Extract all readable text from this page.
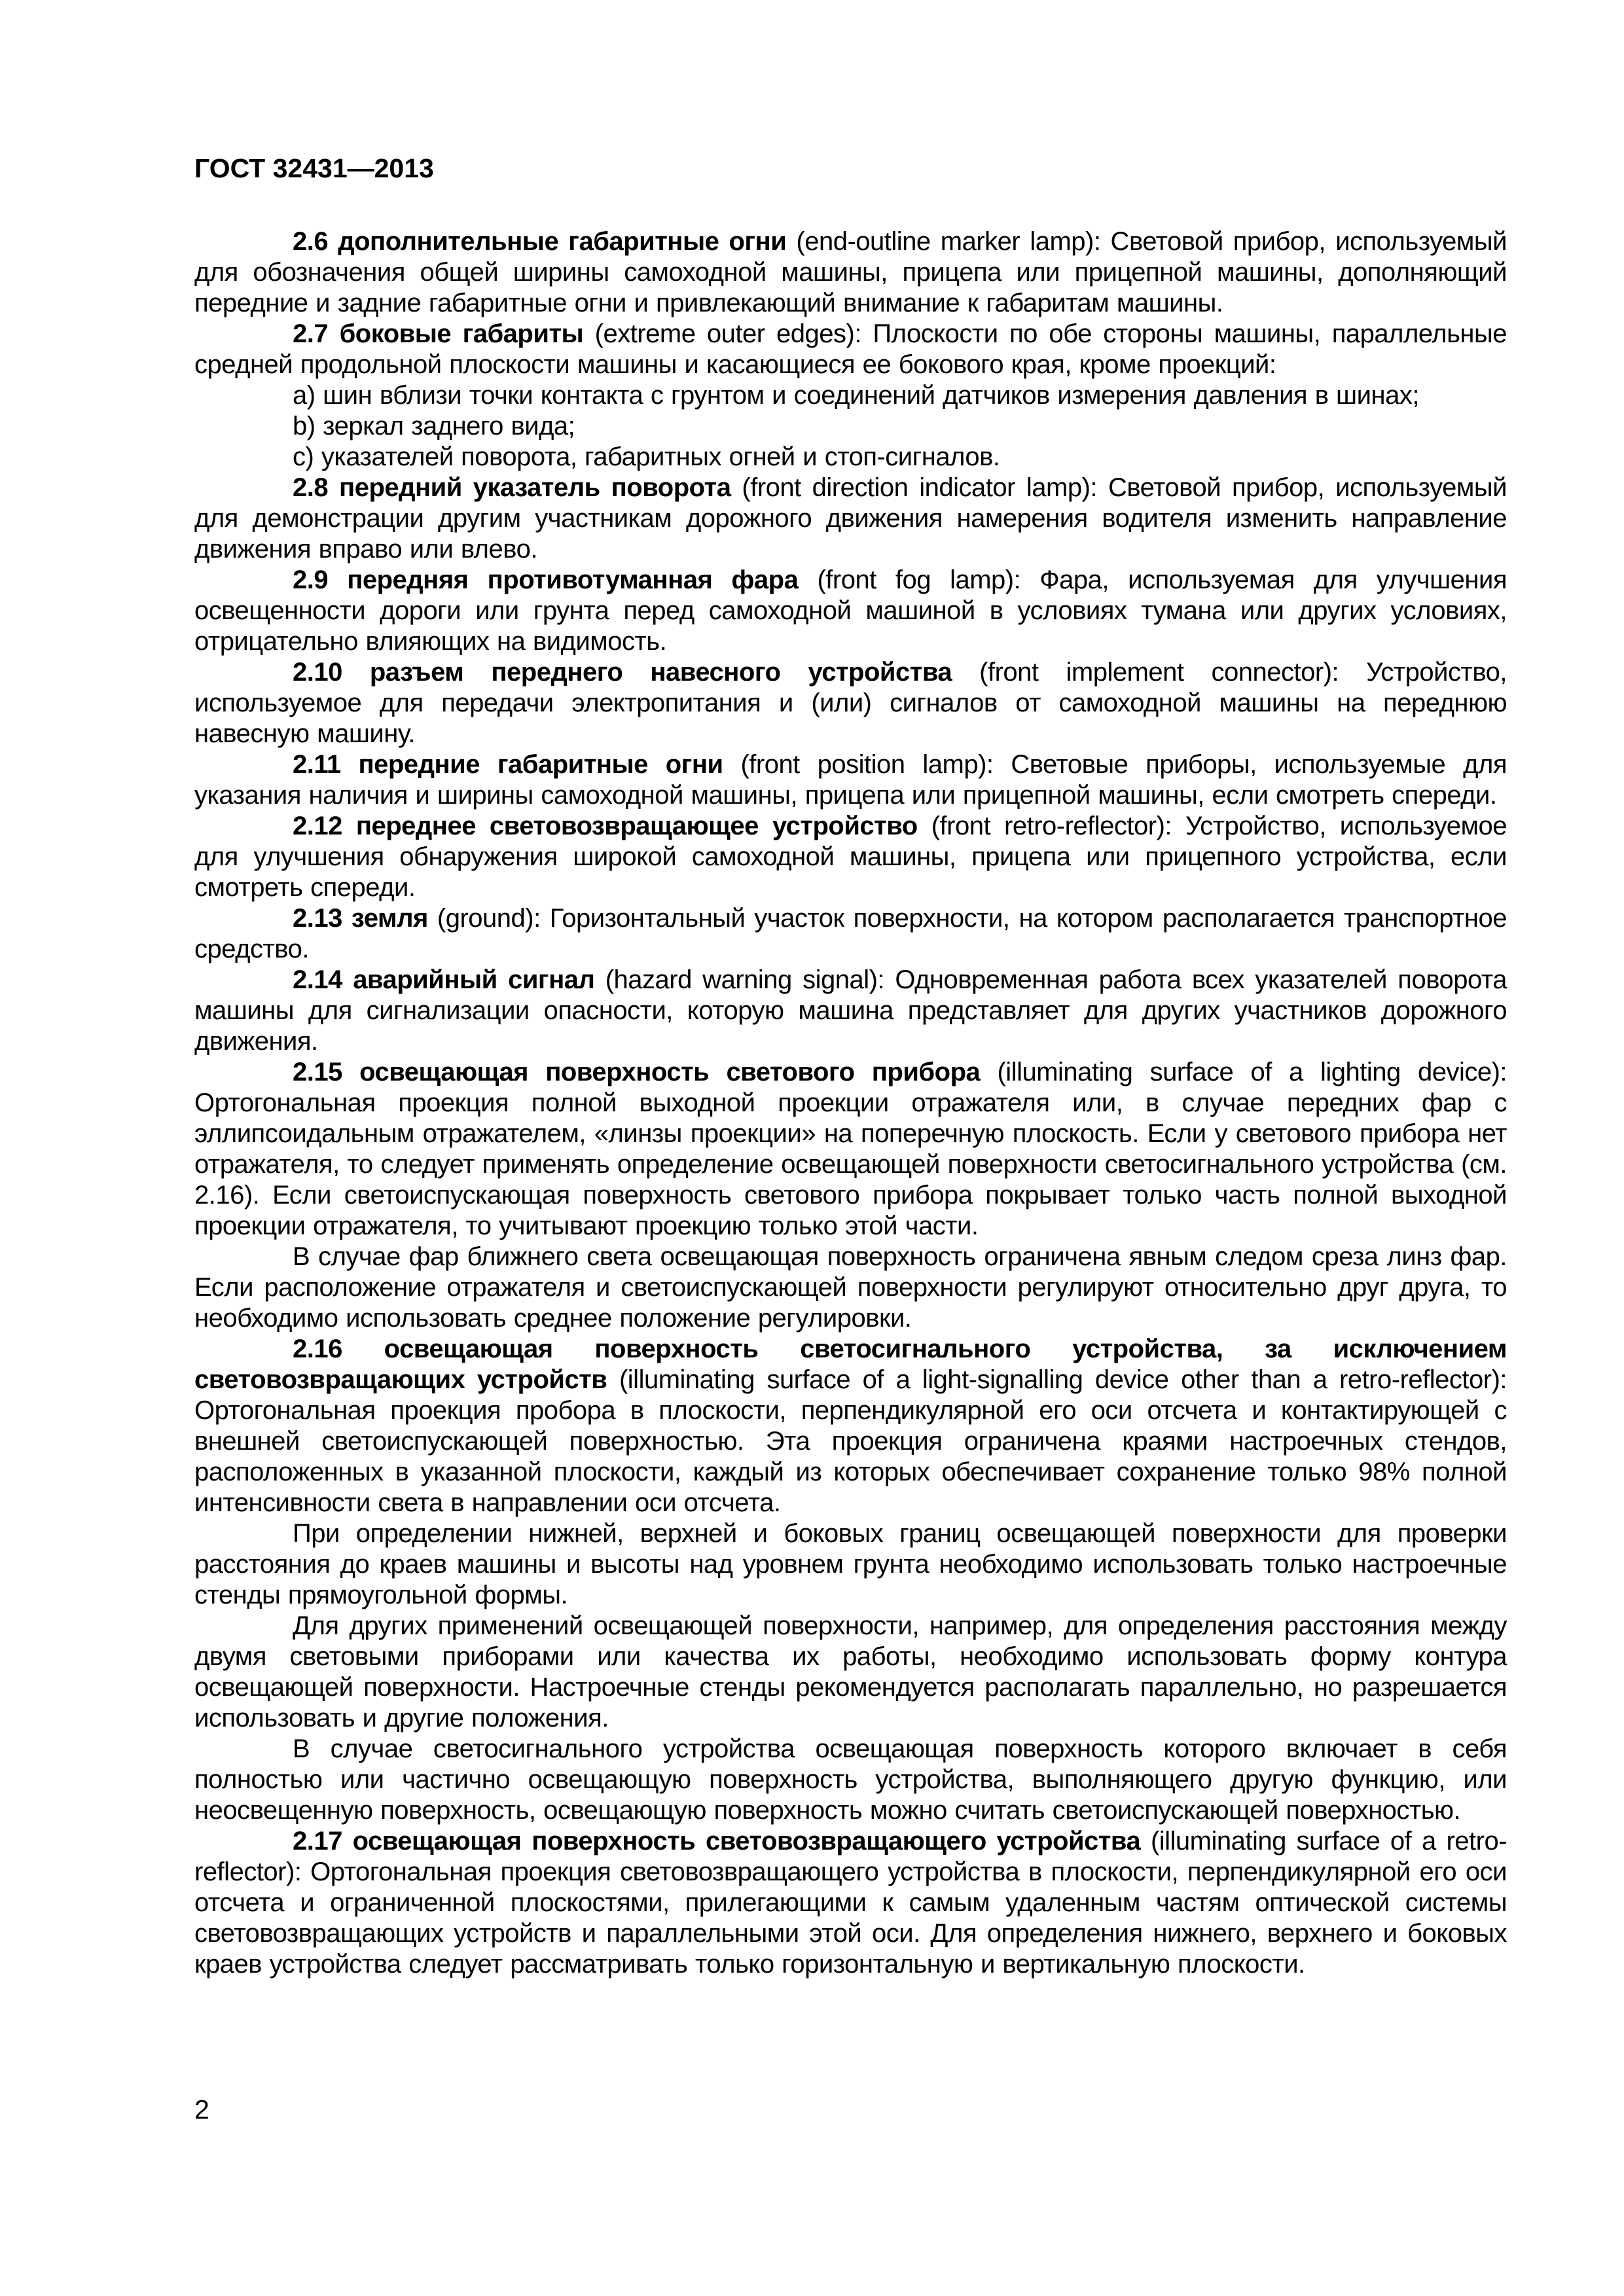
ГОСТ 32431—2013

2.6 дополнительные габаритные огни (end-outline marker lamp): Световой прибор, используемый для обозначения общей ширины самоходной машины, прицепа или прицепной машины, дополняющий передние и задние габаритные огни и привлекающий внимание к габаритам машины.

2.7 боковые габариты (extreme outer edges): Плоскости по обе стороны машины, параллельные средней продольной плоскости машины и касающиеся ее бокового края, кроме проекций:

a) шин вблизи точки контакта с грунтом и соединений датчиков измерения давления в шинах;

b) зеркал заднего вида;

c) указателей поворота, габаритных огней и стоп-сигналов.

2.8 передний указатель поворота (front direction indicator lamp): Световой прибор, используемый для демонстрации другим участникам дорожного движения намерения водителя изменить направление движения вправо или влево.

2.9 передняя противотуманная фара (front fog lamp): Фара, используемая для улучшения освещенности дороги или грунта перед самоходной машиной в условиях тумана или других условиях, отрицательно влияющих на видимость.

2.10 разъем переднего навесного устройства (front implement connector): Устройство, используемое для передачи электропитания и (или) сигналов от самоходной машины на переднюю навесную машину.

2.11 передние габаритные огни (front position lamp): Световые приборы, используемые для указания наличия и ширины самоходной машины, прицепа или прицепной машины, если смотреть спереди.

2.12 переднее световозвращающее устройство (front retro-reflector): Устройство, используемое для улучшения обнаружения широкой самоходной машины, прицепа или прицепного устройства, если смотреть спереди.

2.13 земля (ground): Горизонтальный участок поверхности, на котором располагается транспортное средство.

2.14 аварийный сигнал (hazard warning signal): Одновременная работа всех указателей поворота машины для сигнализации опасности, которую машина представляет для других участников дорожного движения.

2.15 освещающая поверхность светового прибора (illuminating surface of a lighting device): Ортогональная проекция полной выходной проекции отражателя или, в случае передних фар с эллипсоидальным отражателем, «линзы проекции» на поперечную плоскость. Если у светового прибора нет отражателя, то следует применять определение освещающей поверхности светосигнального устройства (см. 2.16). Если светоиспускающая поверхность светового прибора покрывает только часть полной выходной проекции отражателя, то учитывают проекцию только этой части.

В случае фар ближнего света освещающая поверхность ограничена явным следом среза линз фар. Если расположение отражателя и светоиспускающей поверхности регулируют относительно друг друга, то необходимо использовать среднее положение регулировки.

2.16 освещающая поверхность светосигнального устройства, за исключением световозвращающих устройств (illuminating surface of a light-signalling device other than a retro-reflector): Ортогональная проекция пробора в плоскости, перпендикулярной его оси отсчета и контактирующей с внешней светоиспускающей поверхностью. Эта проекция ограничена краями настроечных стендов, расположенных в указанной плоскости, каждый из которых обеспечивает сохранение только 98% полной интенсивности света в направлении оси отсчета.

При определении нижней, верхней и боковых границ освещающей поверхности для проверки расстояния до краев машины и высоты над уровнем грунта необходимо использовать только настроечные стенды прямоугольной формы.

Для других применений освещающей поверхности, например, для определения расстояния между двумя световыми приборами или качества их работы, необходимо использовать форму контура освещающей поверхности. Настроечные стенды рекомендуется располагать параллельно, но разрешается использовать и другие положения.

В случае светосигнального устройства освещающая поверхность которого включает в себя полностью или частично освещающую поверхность устройства, выполняющего другую функцию, или неосвещенную поверхность, освещающую поверхность можно считать светоиспускающей поверхностью.

2.17 освещающая поверхность световозвращающего устройства (illuminating surface of a retro-reflector): Ортогональная проекция световозвращающего устройства в плоскости, перпендикулярной его оси отсчета и ограниченной плоскостями, прилегающими к самым удаленным частям оптической системы световозвращающих устройств и параллельными этой оси. Для определения нижнего, верхнего и боковых краев устройства следует рассматривать только горизонтальную и вертикальную плоскости.

2
